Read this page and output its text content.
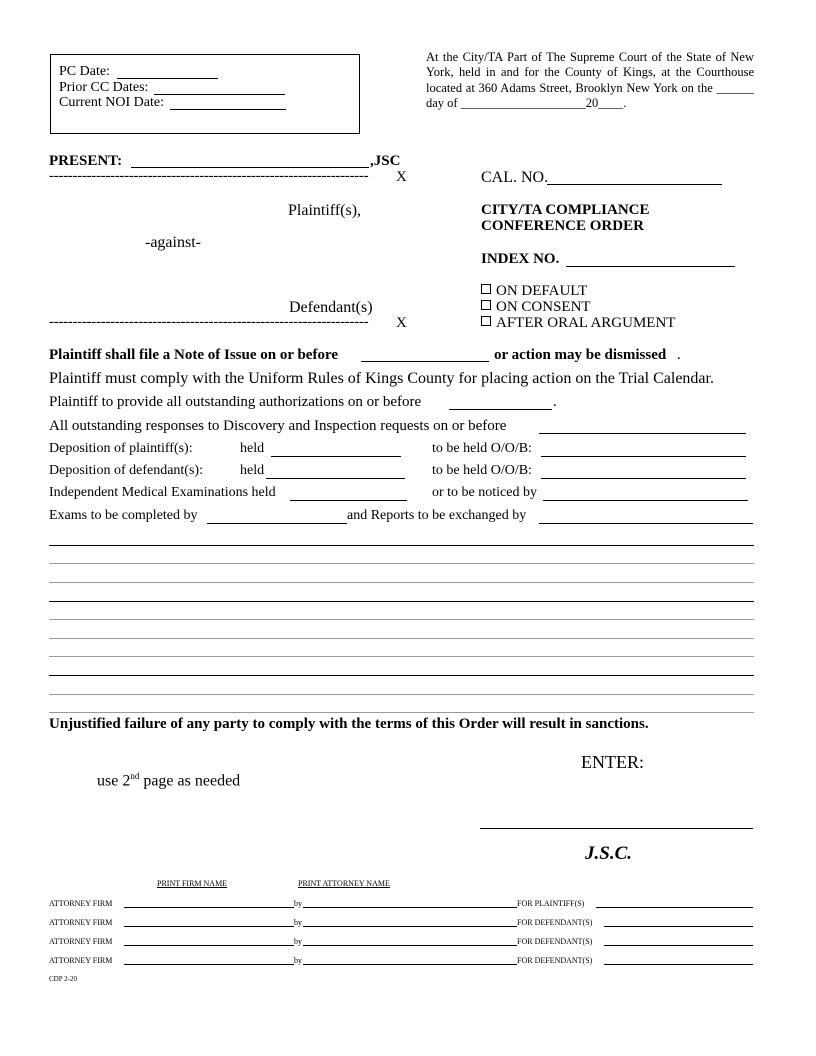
PC Date:
Prior CC Dates:
Current NOI Date:
At the City/TA Part of The Supreme Court of the State of New York, held in and for the County of Kings, at the Courthouse located at 360 Adams Street, Brooklyn New York on the ______ day of ____________________20____.
PRESENT:	,JSC
-------------------------------------------------------------------- X
Plaintiff(s),
-against-
Defendant(s)
-------------------------------------------------------------------- X
CAL. NO.
CITY/TA COMPLIANCE
CONFERENCE ORDER
INDEX NO.
ON DEFAULT
ON CONSENT
AFTER ORAL ARGUMENT
Plaintiff shall file a Note of Issue on or before	or action may be dismissed .
Plaintiff must comply with the Uniform Rules of Kings County for placing action on the Trial Calendar.
Plaintiff to provide all outstanding authorizations on or before	.
All outstanding responses to Discovery and Inspection requests on or before
Deposition of plaintiff(s):	held	to be held O/O/B:
Deposition of defendant(s):	held	to be held O/O/B:
Independent Medical Examinations held	or to be noticed by
Exams to be completed by	and Reports to be exchanged by
Unjustified failure of any party to comply with the terms of this Order will result in sanctions.
ENTER:
use 2nd page as needed
J.S.C.
PRINT FIRM NAME	PRINT ATTORNEY NAME
ATTORNEY FIRM	by	FOR PLAINTIFF(S)
ATTORNEY FIRM	by	FOR DEFENDANT(S)
ATTORNEY FIRM	by	FOR DEFENDANT(S)
ATTORNEY FIRM	by	FOR DEFENDANT(S)
CDP 2-20
